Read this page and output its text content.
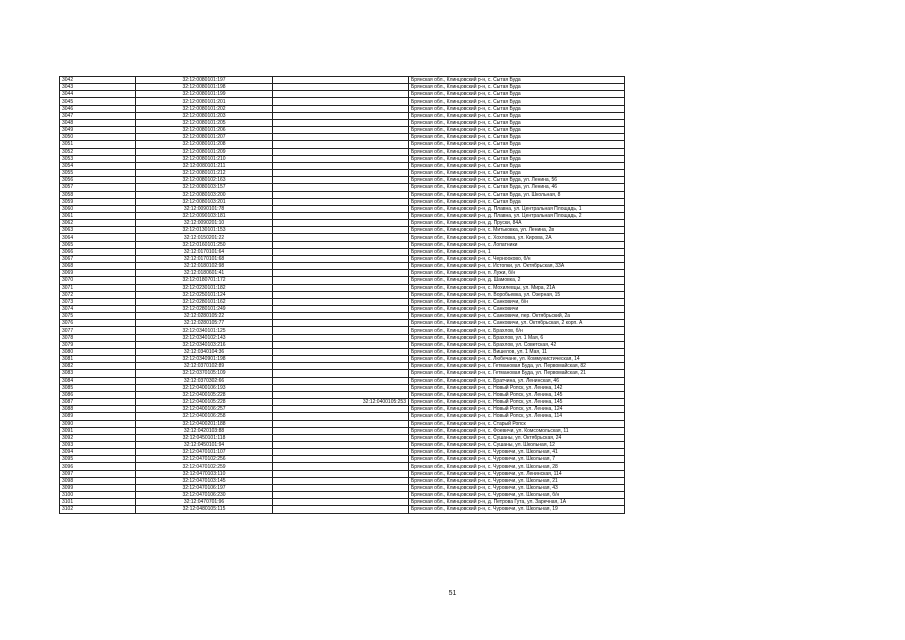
3042	32:12:0080101:197		Брянская обл., Клинцовский р-н, с. Сытая Буда
3043	32:12:0080101:198		Брянская обл., Клинцовский р-н, с. Сытая Буда
3044	32:12:0080101:199		Брянская обл., Клинцовский р-н, с. Сытая Буда
3045	32:12:0080101:201		Брянская обл., Клинцовский р-н, с. Сытая Буда
3046	32:12:0080101:202		Брянская обл., Клинцовский р-н, с. Сытая Буда
3047	32:12:0080101:203		Брянская обл., Клинцовский р-н, с. Сытая Буда
3048	32:12:0080101:205		Брянская обл., Клинцовский р-н, с. Сытая Буда
3049	32:12:0080101:206		Брянская обл., Клинцовский р-н, с. Сытая Буда
3050	32:12:0080101:207		Брянская обл., Клинцовский р-н, с. Сытая Буда
3051	32:12:0080101:208		Брянская обл., Клинцовский р-н, с. Сытая Буда
3052	32:12:0080101:209		Брянская обл., Клинцовский р-н, с. Сытая Буда
3053	32:12:0080101:210		Брянская обл., Клинцовский р-н, с. Сытая Буда
3054	32:12:0080101:211		Брянская обл., Клинцовский р-н, с. Сытая Буда
3055	32:12:0080101:212		Брянская обл., Клинцовский р-н, с. Сытая Буда
3056	32:12:0080102:163		Брянская обл., Клинцовский р-н, с. Сытая Буда, ул. Ленина, 56
3057	32:12:0080103:157		Брянская обл., Клинцовский р-н, с. Сытая Буда, ул. Ленина, 46
3058	32:12:0080103:200		Брянская обл., Клинцовский р-н, с. Сытая Буда, ул. Школьная, 8
3059	32:12:0080103:201		Брянская обл., Клинцовский р-н, с. Сытая Буда
3060	32:12:0090101:78		Брянская обл., Клинцовский р-н, д. Плавна, ул. Центральная Площадь, 1
3061	32:12:0090103:181		Брянская обл., Клинцовский р-н, д. Плавна, ул. Центральная Площадь, 2
3062	32:12:0090201:10		Брянская обл., Клинцовский р-н, д. Пруски, 84А
3063	32:12:0130101:153		Брянская обл., Клинцовский р-н, с. Митьковка, ул. Ленина, 2в
3064	32:12:0150201:22		Брянская обл., Клинцовский р-н, с. Хохловка, ул. Кирова, 2А
3065	32:12:0160101:250		Брянская обл., Клинцовский р-н, с. Лопатники
3066	32:12:0170101:64		Брянская обл., Клинцовский р-н, 1
3067	32:12:0170101:68		Брянская обл., Клинцовский р-н, с. Чернооково, б/н
3068	32:12:0180102:98		Брянская обл., Клинцовский р-н, с. Истопки, ул. Октябрьская, 33А
3069	32:12:0180601:41		Брянская обл., Клинцовский р-н, п. Лужи, б/н
3070	32:12:0180701:172		Брянская обл., Клинцовский р-н, д. Шамовка, 2
3071	32:12:0230101:182		Брянская обл., Клинцовский р-н, с. Мохилевцы, ул. Мира, 21А
3072	32:12:0250101:124		Брянская обл., Клинцовский р-н, п. Воробьевка, ул. Озерная, 15
3073	32:12:0280101:162		Брянская обл., Клинцовский р-н, с. Санковичи, б/н
3074	32:12:0280101:249		Брянская обл., Клинцовский р-н, с. Санковичи
3075	32:12:0280105:22		Брянская обл., Клинцовский р-н, с. Санковичи, пер. Октябрьский, 2а
3076	32:12:0280105:77		Брянская обл., Клинцовский р-н, с. Санковичи, ул. Октябрьская, 2 корп. А
3077	32:12:0340101:125		Брянская обл., Клинцовский р-н, с. Брахлов, б/н
3078	32:12:0340102:143		Брянская обл., Клинцовский р-н, с. Брахлов, ул. 1 Мая, 6
3079	32:12:0340103:216		Брянская обл., Клинцовский р-н, с. Брахлов, ул. Советская, 42
3080	32:12:0340104:36		Брянская обл., Клинцовский р-н, с. Вишелов, ул. 1 Мая, 11
3081	32:12:0340901:198		Брянская обл., Клинцовский р-н, с. Любечане, ул. Коммунистическая, 14
3082	32:12:0370102:89		Брянская обл., Клинцовский р-н, с. Гетмановая Буда, ул. Первомайская, 82
3083	32:12:0370105:109		Брянская обл., Клинцовский р-н, с. Гетмановая Буда, ул. Первомайская, 21
3084	32:12:0370302:66		Брянская обл., Клинцовский р-н, с. Братчина, ул. Ленинская, 46
3085	32:12:0400106:193		Брянская обл., Клинцовский р-н, с. Новый Ропск, ул. Ленина, 142
3086	32:12:0400105:228		Брянская обл., Клинцовский р-н, с. Новый Ропск, ул. Ленина, 145
3087	32:12:0400105:228	32:12:0400105:253	Брянская обл., Клинцовский р-н, с. Новый Ропск, ул. Ленина, 145
3088	32:12:0400106:257		Брянская обл., Клинцовский р-н, с. Новый Ропск, ул. Ленина, 124
3089	32:12:0400106:258		Брянская обл., Клинцовский р-н, с. Новый Ропск, ул. Ленина, 114
3090	32:12:0400201:188		Брянская обл., Клинцовский р-н, с. Старый Ропск
3091	32:12:0420103:88		Брянская обл., Клинцовский р-н, с. Фоевичи, ул. Комсомольская, 11
3092	32:12:0450101:118		Брянская обл., Клинцовский р-н, с. Сушаны, ул. Октябрьская, 24
3093	32:12:0450101:94		Брянская обл., Клинцовский р-н, с. Сушаны, ул. Школьная, 12
3094	32:12:0470101:107		Брянская обл., Клинцовский р-н, с. Чуровичи, ул. Школьная, 41
3095	32:12:0470102:256		Брянская обл., Клинцовский р-н, с. Чуровичи, ул. Школьная, 7
3096	32:12:0470102:259		Брянская обл., Клинцовский р-н, с. Чуровичи, ул. Школьная, 28
3097	32:12:0470103:110		Брянская обл., Клинцовский р-н, с. Чуровичи, ул. Ленинская, 114
3098	32:12:0470103:145		Брянская обл., Клинцовский р-н, с. Чуровичи, ул. Школьная, 21
3099	32:12:0470106:197		Брянская обл., Клинцовский р-н, с. Чуровичи, ул. Школьная, 43
3100	32:12:0470106:230		Брянская обл., Клинцовский р-н, с. Чуровичи, ул. Школьная, б/н
3101	32:12:0470701:96		Брянская обл., Клинцовский р-н, д. Петрова Гута, ул. Заречная, 1А
3102	32:12:0480105:115		Брянская обл., Клинцовский р-н, с. Чуровичи, ул. Школьная, 19
51
